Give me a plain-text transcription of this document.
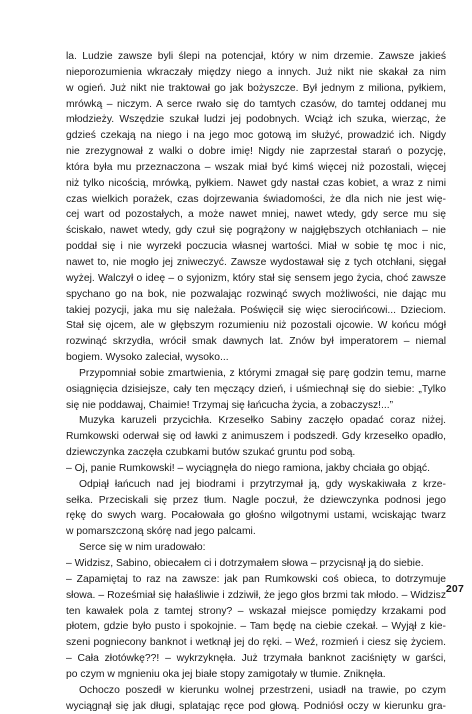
la. Ludzie zawsze byli ślepi na potencjał, który w nim drzemie. Zawsze jakieś
nieporozumienia wkraczały między niego a innych. Już nikt nie skakał za nim
w ogień. Już nikt nie traktował go jak bożyszcze. Był jednym z miliona, pyłkiem,
mrówką – niczym. A serce rwało się do tamtych czasów, do tamtej oddanej mu
młodzieży. Wszędzie szukał ludzi jej podobnych. Wciąż ich szuka, wierząc, że
gdzieś czekają na niego i na jego moc gotową im służyć, prowadzić ich. Nigdy
nie zrezygnował z walki o dobre imię! Nigdy nie zaprzestał starań o pozycję,
która była mu przeznaczona – wszak miał być kimś więcej niż pozostali, więcej
niż tylko nicością, mrówką, pyłkiem. Nawet gdy nastał czas kobiet, a wraz z nimi
czas wielkich porażek, czas dojrzewania świadomości, że dla nich nie jest wię-
cej wart od pozostałych, a może nawet mniej, nawet wtedy, gdy serce mu się
ściskało, nawet wtedy, gdy czuł się pogrążony w najgłębszych otchłaniach – nie
poddał się i nie wyrzekł poczucia własnej wartości. Miał w sobie tę moc i nic,
nawet to, nie mogło jej zniweczyć. Zawsze wydostawał się z tych otchłani, sięgał
wyżej. Walczył o ideę – o syjonizm, który stał się sensem jego życia, choć zawsze
spychano go na bok, nie pozwalając rozwinąć swych możliwości, nie dając mu
takiej pozycji, jaka mu się należała. Poświęcił się więc sierocińcowi... Dzieciom.
Stał się ojcem, ale w głębszym rozumieniu niż pozostali ojcowie. W końcu mógł
rozwinąć skrzydła, wrócił smak dawnych lat. Znów był imperatorem – niemal
bogiem. Wysoko zaleciał, wysoko...
Przypomniał sobie zmartwienia, z którymi zmagał się parę godzin temu, marne
osiągnięcia dzisiejsze, cały ten męczący dzień, i uśmiechnął się do siebie: „Tylko
się nie poddawaj, Chaimie! Trzymaj się łańcucha życia, a zobaczysz!...”
Muzyka karuzeli przycichła. Krzesełko Sabiny zaczęło opadać coraz niżej.
Rumkowski oderwał się od ławki z animuszem i podszedł. Gdy krzesełko opadło,
dziewczynka zaczęła czubkami butów szukać gruntu pod sobą.
– Oj, panie Rumkowski! – wyciągnęła do niego ramiona, jakby chciała go objąć.
Odpiął łańcuch nad jej biodrami i przytrzymał ją, gdy wyskakiwała z krze-
sełka. Przeciskali się przez tłum. Nagle poczuł, że dziewczynka podnosi jego
rękę do swych warg. Pocałowała go głośno wilgotnymi ustami, wciskając twarz
w pomarszczoną skórę nad jego palcami.
Serce się w nim uradowało:
– Widzisz, Sabino, obiecałem ci i dotrzymałem słowa – przycisnął ją do siebie.
– Zapamiętaj to raz na zawsze: jak pan Rumkowski coś obieca, to dotrzymuje
słowa. – Roześmiał się hałaśliwie i zdziwił, że jego głos brzmi tak młodo. – Widzisz
ten kawałek pola z tamtej strony? – wskazał miejsce pomiędzy krzakami pod
płotem, gdzie było pusto i spokojnie. – Tam będę na ciebie czekał. – Wyjął z kie-
szeni pogniecony banknot i wetknął jej do ręki. – Weź, rozmień i ciesz się życiem.
– Cała złotówkę??! – wykrzyknęła. Już trzymała banknot zaciśnięty w garści,
po czym w mgnieniu oka jej białe stopy zamigotały w tłumie. Zniknęła.
Ochoczo poszedł w kierunku wolnej przestrzeni, usiadł na trawie, po czym
wyciągnął się jak długi, splatając ręce pod głową. Podniósł oczy w kierunku gra-
207
